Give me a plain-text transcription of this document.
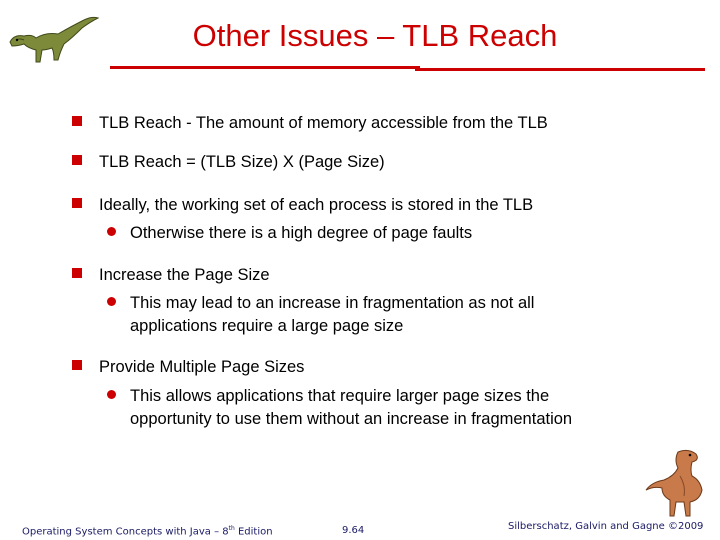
Other Issues – TLB Reach
TLB Reach - The amount of memory accessible from the TLB
TLB Reach = (TLB Size) X (Page Size)
Ideally, the working set of each process is stored in the TLB
Otherwise there is a high degree of page faults
Increase the Page Size
This may lead to an increase in fragmentation as not all applications require a large page size
Provide Multiple Page Sizes
This allows applications that require larger page sizes the opportunity to use them without an increase in fragmentation
Operating System Concepts with Java – 8th Edition	9.64	Silberschatz, Galvin and Gagne ©2009
